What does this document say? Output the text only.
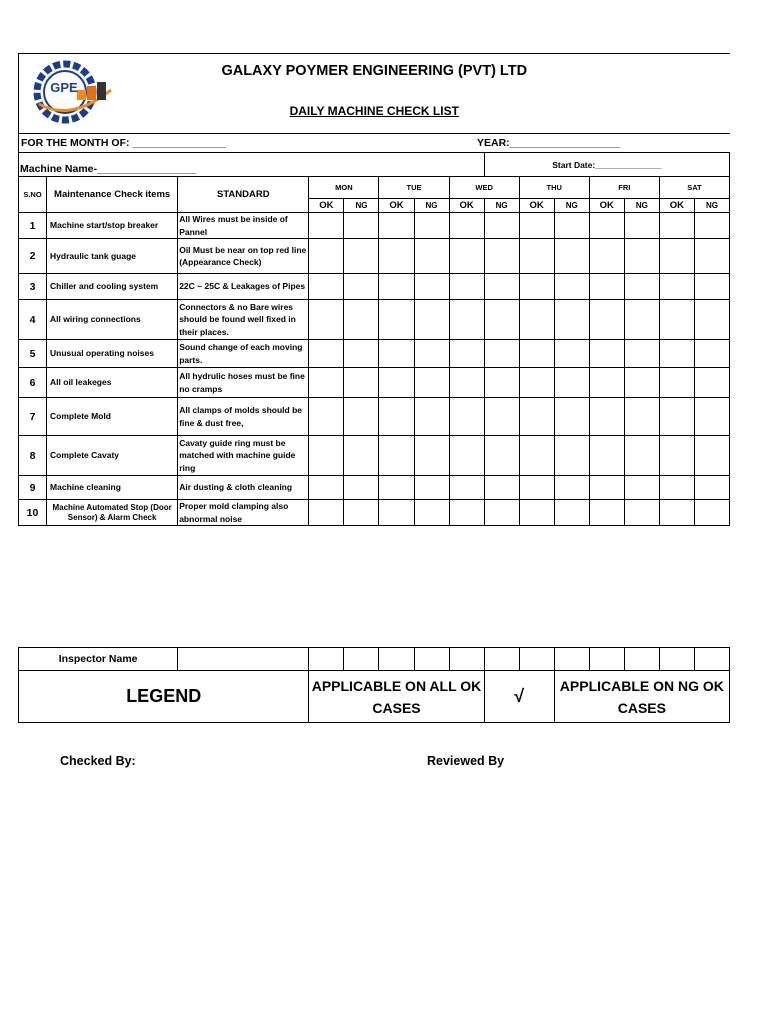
GPE
GALAXY POYMER ENGINEERING (PVT) LTD
DAILY MACHINE CHECK LIST														

FOR THE MONTH OF: ________________ YEAR:___________________														

Machine Name-_________________								Start Date:______________						
S.NO	Maintenance Check items	STANDARD	MON		TUE		WED		THU		FRI		SAT	
			OK	NG	OK	NG	OK	NG	OK	NG	OK	NG	OK	NG
1	Machine start/stop breaker	All Wires must be inside of Pannel												
2	Hydraulic tank guage	Oil Must be near on top red line (Appearance Check)												
3	Chiller and cooling system	22C ~ 25C & Leakages of Pipes												
4	All wiring connections	Connectors & no Bare wires should be found well fixed in their places.												
5	Unusual operating noises	Sound change of each moving parts.												
6	All oil leakeges	All hydrulic hoses must be fine no cramps												
7	Complete Mold	All clamps of molds should be fine & dust free,												
8	Complete Cavaty	Cavaty guide ring must be matched with machine guide ring												
9	Machine cleaning	Air dusting & cloth cleaning												
10	Machine Automated Stop (Door Sensor) & Alarm Check	Proper mold clamping also abnormal noise												
Inspector Name													
LEGEND		APPLICABLE ON ALL OK CASES					√		APPLICABLE ON NG OK CASES				
Checked By:	Reviewed By
